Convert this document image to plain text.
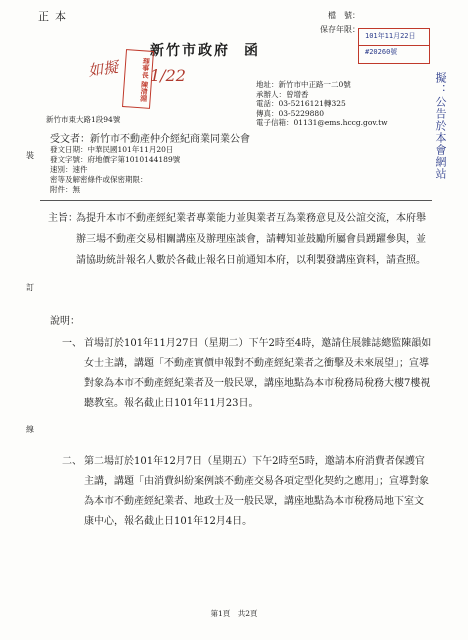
正本	檔　號：
保存年限：
101年11月22日
#20260號
新竹市政府 函
如擬	理事長 陳清淵 1/22	地址：新竹市中正路一二0號
承辦人：曾增香
電話：03-5216121轉325
傳真：03-5229880
電子信箱：01131@ems.hccg.gov.tw
新竹市東大路1段94號	擬：公告於本會網站
受文者：新竹市不動產仲介經紀商業同業公會
發文日期：中華民國101年11月20日
發文字號：府地價字第1010144189號
速別：速件
密等及解密條件或保密期限：
附件：無
主旨：
為提升本市不動產經紀業者專業能力並與業者互為業務意見及公誼交流，本府舉辦三場不動產交易相關講座及辦理座談會，請轉知並鼓勵所屬會員踴躍參與，並請協助統計報名人數於各截止報名日前通知本府，以利製發講座資料，請查照。
說明：
一、 首場訂於101年11月27日（星期二）下午2時至4時，邀請住展雜誌總監陳韻如女士主講，講題「不動產實價申報對不動產經紀業者之衝擊及未來展望」；宣導對象為本市不動產經紀業者及一般民眾，講座地點為本市稅務局稅務大樓7樓視聽教室。報名截止日101年11月23日。
二、 第二場訂於101年12月7日（星期五）下午2時至5時，邀請本府消費者保護官主講，講題「由消費糾紛案例談不動產交易各項定型化契約之應用」；宣導對象為本市不動產經紀業者、地政士及一般民眾，講座地點為本市稅務局地下室文康中心，報名截止日101年12月4日。
裝
訂
線
第1頁　共2頁
